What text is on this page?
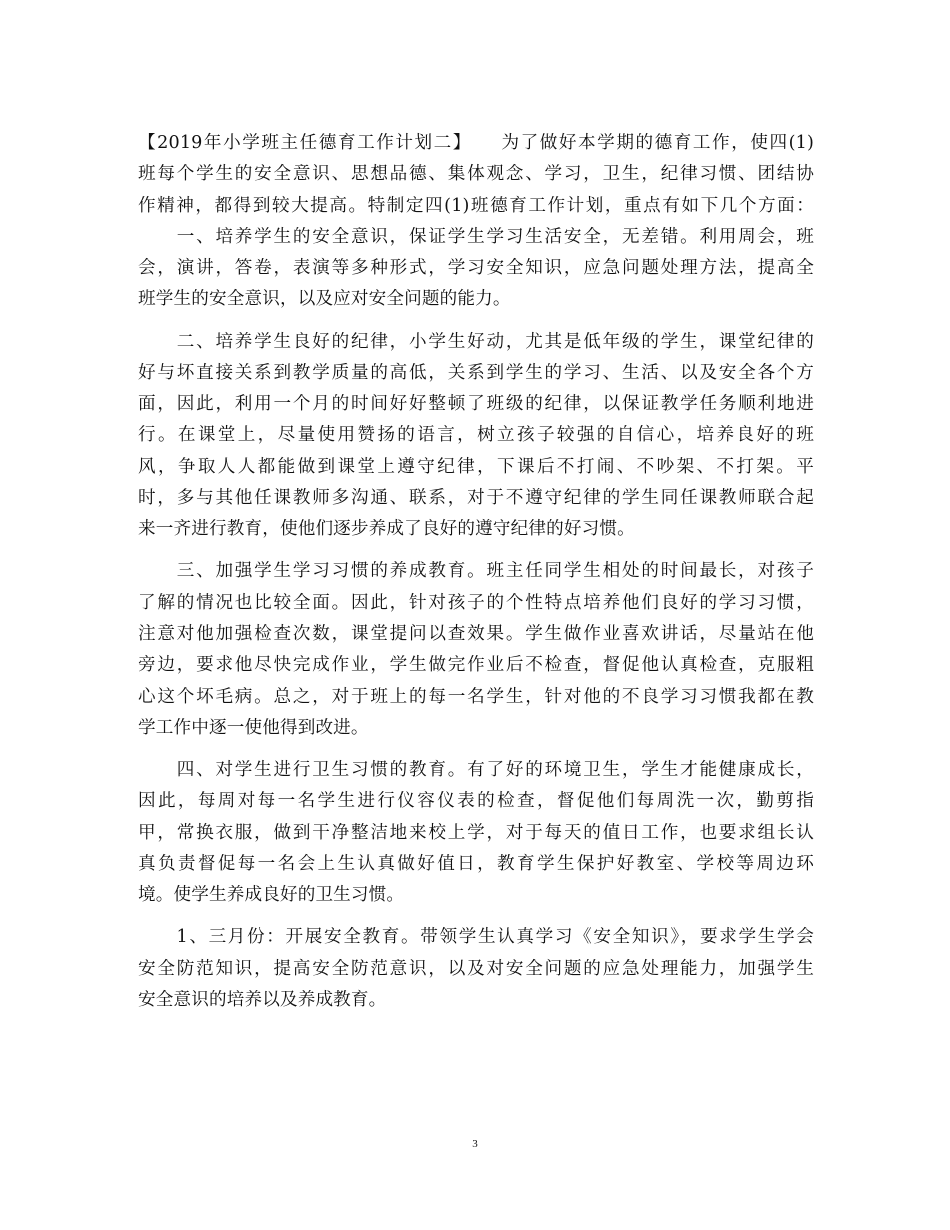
【2019年小学班主任德育工作计划二】　　为了做好本学期的德育工作，使四(1)
班每个学生的安全意识、思想品德、集体观念、学习，卫生，纪律习惯、团结协
作精神，都得到较大提高。特制定四(1)班德育工作计划，重点有如下几个方面：
　　一、培养学生的安全意识，保证学生学习生活安全，无差错。利用周会，班
会，演讲，答卷，表演等多种形式，学习安全知识，应急问题处理方法，提高全
班学生的安全意识，以及应对安全问题的能力。
　　二、培养学生良好的纪律，小学生好动，尤其是低年级的学生，课堂纪律的
好与坏直接关系到教学质量的高低，关系到学生的学习、生活、以及安全各个方
面，因此，利用一个月的时间好好整顿了班级的纪律，以保证教学任务顺利地进
行。在课堂上，尽量使用赞扬的语言，树立孩子较强的自信心，培养良好的班
风，争取人人都能做到课堂上遵守纪律，下课后不打闹、不吵架、不打架。平
时，多与其他任课教师多沟通、联系，对于不遵守纪律的学生同任课教师联合起
来一齐进行教育，使他们逐步养成了良好的遵守纪律的好习惯。
　　三、加强学生学习习惯的养成教育。班主任同学生相处的时间最长，对孩子
了解的情况也比较全面。因此，针对孩子的个性特点培养他们良好的学习习惯，
注意对他加强检查次数，课堂提问以查效果。学生做作业喜欢讲话，尽量站在他
旁边，要求他尽快完成作业，学生做完作业后不检查，督促他认真检查，克服粗
心这个坏毛病。总之，对于班上的每一名学生，针对他的不良学习习惯我都在教
学工作中逐一使他得到改进。
　　四、对学生进行卫生习惯的教育。有了好的环境卫生，学生才能健康成长，
因此，每周对每一名学生进行仪容仪表的检查，督促他们每周洗一次，勤剪指
甲，常换衣服，做到干净整洁地来校上学，对于每天的值日工作，也要求组长认
真负责督促每一名会上生认真做好值日，教育学生保护好教室、学校等周边环
境。使学生养成良好的卫生习惯。
　　1、三月份：开展安全教育。带领学生认真学习《安全知识》，要求学生学会
安全防范知识，提高安全防范意识，以及对安全问题的应急处理能力，加强学生
安全意识的培养以及养成教育。
3
